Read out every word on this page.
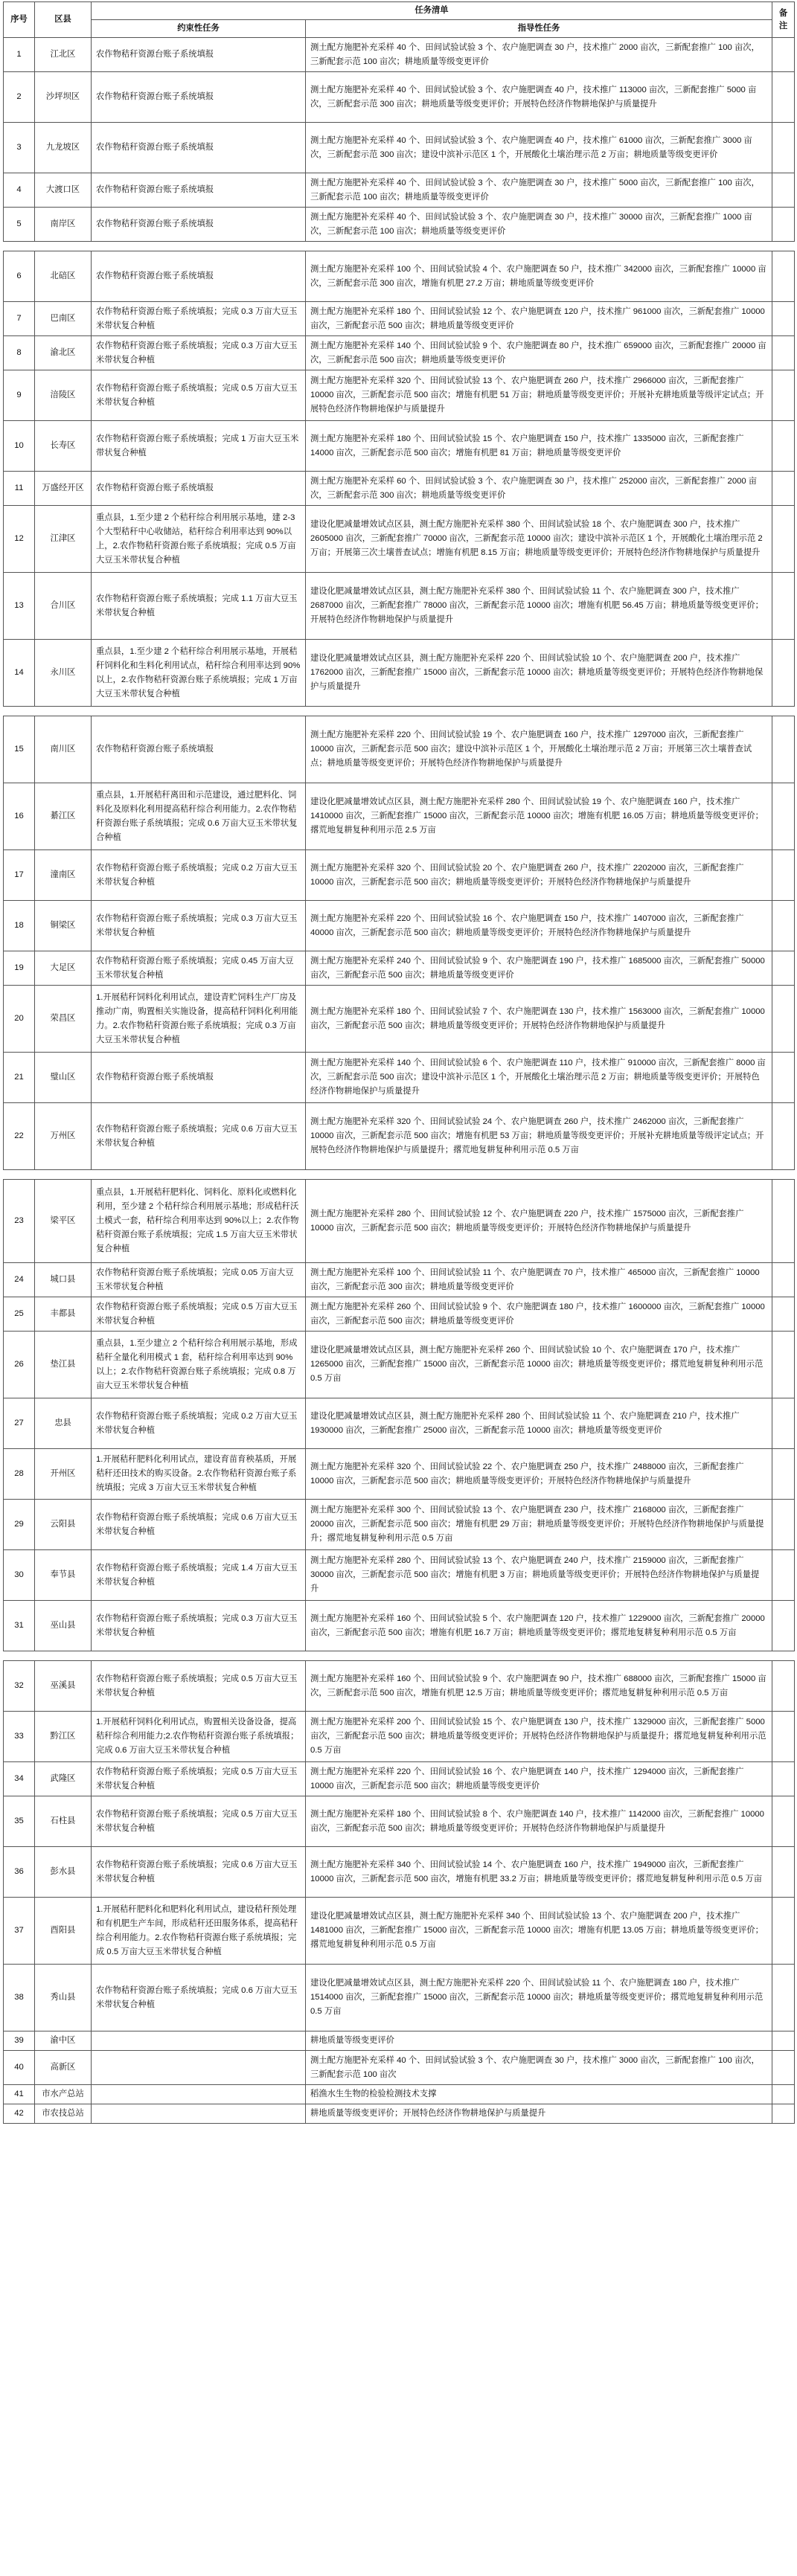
序号	区县	任务清单		备注
		约束性任务	指导性任务	
1	江北区	农作物秸秆资源台账子系统填报	测土配方施肥补充采样 40 个、田间试验试验 3 个、农户施肥调查 30 户，技术推广 2000 亩次，三新配套推广 100 亩次，三新配套示范 100 亩次；耕地质量等级变更评价	
2	沙坪坝区	农作物秸秆资源台账子系统填报	测土配方施肥补充采样 40 个、田间试验试验 3 个、农户施肥调查 40 户，技术推广 113000 亩次，三新配套推广 5000 亩次，三新配套示范 300 亩次；耕地质量等级变更评价；开展特色经济作物耕地保护与质量提升	
3	九龙坡区	农作物秸秆资源台账子系统填报	测土配方施肥补充采样 40 个、田间试验试验 3 个、农户施肥调查 40 户，技术推广 61000 亩次，三新配套推广 3000 亩次，三新配套示范 300 亩次；建设中滨补示范区 1 个，开展酸化土壤治理示范 2 万亩；耕地质量等级变更评价	
4	大渡口区	农作物秸秆资源台账子系统填报	测土配方施肥补充采样 40 个、田间试验试验 3 个、农户施肥调查 30 户，技术推广 5000 亩次，三新配套推广 100 亩次，三新配套示范 100 亩次；耕地质量等级变更评价	
5	南岸区	农作物秸秆资源台账子系统填报	测土配方施肥补充采样 40 个、田间试验试验 3 个、农户施肥调查 30 户，技术推广 30000 亩次，三新配套推广 1000 亩次，三新配套示范 100 亩次；耕地质量等级变更评价	

6	北碚区	农作物秸秆资源台账子系统填报	测土配方施肥补充采样 100 个、田间试验试验 4 个、农户施肥调查 50 户，技术推广 342000 亩次，三新配套推广 10000 亩次，三新配套示范 300 亩次，增施有机肥 27.2 万亩；耕地质量等级变更评价	
7	巴南区	农作物秸秆资源台账子系统填报；完成 0.3 万亩大豆玉米带状复合种植	测土配方施肥补充采样 180 个、田间试验试验 12 个、农户施肥调查 120 户，技术推广 961000 亩次，三新配套推广 10000 亩次，三新配套示范 500 亩次；耕地质量等级变更评价	
8	渝北区	农作物秸秆资源台账子系统填报；完成 0.3 万亩大豆玉米带状复合种植	测土配方施肥补充采样 140 个、田间试验试验 9 个、农户施肥调查 80 户，技术推广 659000 亩次，三新配套推广 20000 亩次，三新配套示范 500 亩次；耕地质量等级变更评价	
9	涪陵区	农作物秸秆资源台账子系统填报；完成 0.5 万亩大豆玉米带状复合种植	测土配方施肥补充采样 320 个、田间试验试验 13 个、农户施肥调查 260 户，技术推广 2966000 亩次，三新配套推广 10000 亩次，三新配套示范 500 亩次；增施有机肥 51 万亩；耕地质量等级变更评价；开展补充耕地质量等级评定试点；开展特色经济作物耕地保护与质量提升	
10	长寿区	农作物秸秆资源台账子系统填报；完成 1 万亩大豆玉米带状复合种植	测土配方施肥补充采样 180 个、田间试验试验 15 个、农户施肥调查 150 户，技术推广 1335000 亩次，三新配套推广 14000 亩次，三新配套示范 500 亩次；增施有机肥 81 万亩；耕地质量等级变更评价	
11	万盛经开区	农作物秸秆资源台账子系统填报	测土配方施肥补充采样 60 个、田间试验试验 3 个、农户施肥调查 30 户，技术推广 252000 亩次，三新配套推广 2000 亩次，三新配套示范 300 亩次；耕地质量等级变更评价	
12	江津区	重点县，1.至少建 2 个秸秆综合利用展示基地，建 2-3 个大型秸秆中心收储站，秸秆综合利用率达到 90%以上，2.农作物秸秆资源台账子系统填报；完成 0.5 万亩大豆玉米带状复合种植	建设化肥减量增效试点区县，测土配方施肥补充采样 380 个、田间试验试验 18 个、农户施肥调查 300 户，技术推广 2605000 亩次，三新配套推广 70000 亩次，三新配套示范 10000 亩次；建设中滨补示范区 1 个，开展酸化土壤治理示范 2 万亩；开展第三次土壤普查试点；增施有机肥 8.15 万亩；耕地质量等级变更评价；开展特色经济作物耕地保护与质量提升	
13	合川区	农作物秸秆资源台账子系统填报；完成 1.1 万亩大豆玉米带状复合种植	建设化肥减量增效试点区县，测土配方施肥补充采样 380 个、田间试验试验 11 个、农户施肥调查 300 户，技术推广 2687000 亩次，三新配套推广 78000 亩次，三新配套示范 10000 亩次；增施有机肥 56.45 万亩；耕地质量等级变更评价；开展特色经济作物耕地保护与质量提升	
14	永川区	重点县，1.至少建 2 个秸秆综合利用展示基地，开展秸秆饲料化和生料化利用试点，秸秆综合利用率达到 90%以上，2.农作物秸秆资源台账子系统填报；完成 1 万亩大豆玉米带状复合种植	建设化肥减量增效试点区县，测土配方施肥补充采样 220 个、田间试验试验 10 个、农户施肥调查 200 户，技术推广 1762000 亩次，三新配套推广 15000 亩次，三新配套示范 10000 亩次；耕地质量等级变更评价；开展特色经济作物耕地保护与质量提升	

15	南川区	农作物秸秆资源台账子系统填报	测土配方施肥补充采样 220 个、田间试验试验 19 个、农户施肥调查 160 户，技术推广 1297000 亩次，三新配套推广 10000 亩次，三新配套示范 500 亩次；建设中滨补示范区 1 个，开展酸化土壤治理示范 2 万亩；开展第三次土壤普查试点；耕地质量等级变更评价；开展特色经济作物耕地保护与质量提升	
16	綦江区	重点县，1.开展秸秆离田和示范建设，通过肥料化、饲料化及原料化利用提高秸秆综合利用能力。2.农作物秸秆资源台账子系统填报；完成 0.6 万亩大豆玉米带状复合种植	建设化肥减量增效试点区县，测土配方施肥补充采样 280 个、田间试验试验 19 个、农户施肥调查 160 户，技术推广 1410000 亩次，三新配套推广 15000 亩次，三新配套示范 10000 亩次；增施有机肥 16.05 万亩；耕地质量等级变更评价；撂荒地复耕复种利用示范 2.5 万亩	
17	潼南区	农作物秸秆资源台账子系统填报；完成 0.2 万亩大豆玉米带状复合种植	测土配方施肥补充采样 320 个、田间试验试验 20 个、农户施肥调查 260 户，技术推广 2202000 亩次，三新配套推广 10000 亩次，三新配套示范 500 亩次；耕地质量等级变更评价；开展特色经济作物耕地保护与质量提升	
18	铜梁区	农作物秸秆资源台账子系统填报；完成 0.3 万亩大豆玉米带状复合种植	测土配方施肥补充采样 220 个、田间试验试验 16 个、农户施肥调查 150 户，技术推广 1407000 亩次，三新配套推广 40000 亩次，三新配套示范 500 亩次；耕地质量等级变更评价；开展特色经济作物耕地保护与质量提升	
19	大足区	农作物秸秆资源台账子系统填报；完成 0.45 万亩大豆玉米带状复合种植	测土配方施肥补充采样 240 个、田间试验试验 9 个、农户施肥调查 190 户，技术推广 1685000 亩次，三新配套推广 50000 亩次，三新配套示范 500 亩次；耕地质量等级变更评价	
20	荣昌区	1.开展秸秆饲料化利用试点，建设青贮饲料生产厂房及推动广南，购置相关实施设备，提高秸秆饲料化利用能力。2.农作物秸秆资源台账子系统填报；完成 0.3 万亩大豆玉米带状复合种植	测土配方施肥补充采样 180 个、田间试验试验 7 个、农户施肥调查 130 户，技术推广 1563000 亩次，三新配套推广 10000 亩次，三新配套示范 500 亩次；耕地质量等级变更评价；开展特色经济作物耕地保护与质量提升	
21	璧山区	农作物秸秆资源台账子系统填报	测土配方施肥补充采样 140 个、田间试验试验 6 个、农户施肥调查 110 户，技术推广 910000 亩次，三新配套推广 8000 亩次，三新配套示范 500 亩次；建设中滨补示范区 1 个，开展酸化土壤治理示范 2 万亩；耕地质量等级变更评价；开展特色经济作物耕地保护与质量提升	
22	万州区	农作物秸秆资源台账子系统填报；完成 0.6 万亩大豆玉米带状复合种植	测土配方施肥补充采样 320 个、田间试验试验 24 个、农户施肥调查 260 户，技术推广 2462000 亩次，三新配套推广 10000 亩次，三新配套示范 500 亩次；增施有机肥 53 万亩；耕地质量等级变更评价；开展补充耕地质量等级评定试点；开展特色经济作物耕地保护与质量提升；撂荒地复耕复种利用示范 0.5 万亩	

23	梁平区	重点县，1.开展秸秆肥料化、饲料化、原料化或燃料化利用，至少建 2 个秸秆综合利用展示基地；形成秸秆沃土模式一套，秸秆综合利用率达到 90%以上；2.农作物秸秆资源台账子系统填报；完成 1.5 万亩大豆玉米带状复合种植	测土配方施肥补充采样 280 个、田间试验试验 12 个、农户施肥调查 220 户，技术推广 1575000 亩次，三新配套推广 10000 亩次，三新配套示范 500 亩次；耕地质量等级变更评价；开展特色经济作物耕地保护与质量提升	
24	城口县	农作物秸秆资源台账子系统填报；完成 0.05 万亩大豆玉米带状复合种植	测土配方施肥补充采样 100 个、田间试验试验 11 个、农户施肥调查 70 户，技术推广 465000 亩次，三新配套推广 10000 亩次，三新配套示范 300 亩次；耕地质量等级变更评价	
25	丰都县	农作物秸秆资源台账子系统填报；完成 0.5 万亩大豆玉米带状复合种植	测土配方施肥补充采样 260 个、田间试验试验 9 个、农户施肥调查 180 户，技术推广 1600000 亩次，三新配套推广 10000 亩次，三新配套示范 500 亩次；耕地质量等级变更评价	
26	垫江县	重点县，1.至少建立 2 个秸秆综合利用展示基地，形成秸秆全量化利用模式 1 套，秸秆综合利用率达到 90%以上；2.农作物秸秆资源台账子系统填报；完成 0.8 万亩大豆玉米带状复合种植	建设化肥减量增效试点区县，测土配方施肥补充采样 260 个、田间试验试验 10 个、农户施肥调查 170 户，技术推广 1265000 亩次，三新配套推广 15000 亩次，三新配套示范 10000 亩次；耕地质量等级变更评价；撂荒地复耕复种利用示范 0.5 万亩	
27	忠县	农作物秸秆资源台账子系统填报；完成 0.2 万亩大豆玉米带状复合种植	建设化肥减量增效试点区县，测土配方施肥补充采样 280 个、田间试验试验 11 个、农户施肥调查 210 户，技术推广 1930000 亩次，三新配套推广 25000 亩次，三新配套示范 10000 亩次；耕地质量等级变更评价	
28	开州区	1.开展秸秆肥料化利用试点，建设育苗育秧基质，开展秸秆还田技术的购买设备。2.农作物秸秆资源台账子系统填报；完成 3 万亩大豆玉米带状复合种植	测土配方施肥补充采样 320 个、田间试验试验 22 个、农户施肥调查 250 户，技术推广 2488000 亩次，三新配套推广 10000 亩次，三新配套示范 500 亩次；耕地质量等级变更评价；开展特色经济作物耕地保护与质量提升	
29	云阳县	农作物秸秆资源台账子系统填报；完成 0.6 万亩大豆玉米带状复合种植	测土配方施肥补充采样 300 个、田间试验试验 13 个、农户施肥调查 230 户，技术推广 2168000 亩次，三新配套推广 20000 亩次，三新配套示范 500 亩次；增施有机肥 29 万亩；耕地质量等级变更评价；开展特色经济作物耕地保护与质量提升；撂荒地复耕复种利用示范 0.5 万亩	
30	奉节县	农作物秸秆资源台账子系统填报；完成 1.4 万亩大豆玉米带状复合种植	测土配方施肥补充采样 280 个、田间试验试验 13 个、农户施肥调查 240 户，技术推广 2159000 亩次，三新配套推广 30000 亩次，三新配套示范 500 亩次；增施有机肥 3 万亩；耕地质量等级变更评价；开展特色经济作物耕地保护与质量提升	
31	巫山县	农作物秸秆资源台账子系统填报；完成 0.3 万亩大豆玉米带状复合种植	测土配方施肥补充采样 160 个、田间试验试验 5 个、农户施肥调查 120 户，技术推广 1229000 亩次，三新配套推广 20000 亩次，三新配套示范 500 亩次；增施有机肥 16.7 万亩；耕地质量等级变更评价；撂荒地复耕复种利用示范 0.5 万亩	

32	巫溪县	农作物秸秆资源台账子系统填报；完成 0.5 万亩大豆玉米带状复合种植	测土配方施肥补充采样 160 个、田间试验试验 9 个、农户施肥调查 90 户，技术推广 688000 亩次，三新配套推广 15000 亩次，三新配套示范 500 亩次，增施有机肥 12.5 万亩；耕地质量等级变更评价；撂荒地复耕复种利用示范 0.5 万亩	
33	黔江区	1.开展秸秆饲料化利用试点，购置相关设备设备，提高秸秆综合利用能力;2.农作物秸秆资源台账子系统填报；完成 0.6 万亩大豆玉米带状复合种植	测土配方施肥补充采样 200 个、田间试验试验 15 个、农户施肥调查 130 户，技术推广 1329000 亩次，三新配套推广 5000 亩次，三新配套示范 500 亩次；耕地质量等级变更评价；开展特色经济作物耕地保护与质量提升；撂荒地复耕复种利用示范 0.5 万亩	
34	武隆区	农作物秸秆资源台账子系统填报；完成 0.5 万亩大豆玉米带状复合种植	测土配方施肥补充采样 220 个、田间试验试验 16 个、农户施肥调查 140 户，技术推广 1294000 亩次，三新配套推广 10000 亩次，三新配套示范 500 亩次；耕地质量等级变更评价	
35	石柱县	农作物秸秆资源台账子系统填报；完成 0.5 万亩大豆玉米带状复合种植	测土配方施肥补充采样 180 个、田间试验试验 8 个、农户施肥调查 140 户，技术推广 1142000 亩次，三新配套推广 10000 亩次，三新配套示范 500 亩次；耕地质量等级变更评价；开展特色经济作物耕地保护与质量提升	
36	彭水县	农作物秸秆资源台账子系统填报；完成 0.6 万亩大豆玉米带状复合种植	测土配方施肥补充采样 340 个、田间试验试验 14 个、农户施肥调查 160 户，技术推广 1949000 亩次，三新配套推广 10000 亩次，三新配套示范 500 亩次，增施有机肥 33.2 万亩；耕地质量等级变更评价；撂荒地复耕复种利用示范 0.5 万亩	
37	酉阳县	1.开展秸秆肥料化和肥料化利用试点，建设秸秆预处理和有机肥生产车间，形成秸秆还田服务体系，提高秸秆综合利用能力。2.农作物秸秆资源台账子系统填报；完成 0.5 万亩大豆玉米带状复合种植	建设化肥减量增效试点区县，测土配方施肥补充采样 340 个、田间试验试验 13 个、农户施肥调查 200 户，技术推广 1481000 亩次，三新配套推广 15000 亩次，三新配套示范 10000 亩次；增施有机肥 13.05 万亩；耕地质量等级变更评价；撂荒地复耕复种利用示范 0.5 万亩	
38	秀山县	农作物秸秆资源台账子系统填报；完成 0.6 万亩大豆玉米带状复合种植	建设化肥减量增效试点区县，测土配方施肥补充采样 220 个、田间试验试验 11 个、农户施肥调查 180 户，技术推广 1514000 亩次，三新配套推广 15000 亩次，三新配套示范 10000 亩次；耕地质量等级变更评价；撂荒地复耕复种利用示范 0.5 万亩	
39	渝中区		耕地质量等级变更评价	
40	高新区		测土配方施肥补充采样 40 个、田间试验试验 3 个、农户施肥调查 30 户，技术推广 3000 亩次，三新配套推广 100 亩次，三新配套示范 100 亩次	
41	市水产总站		稻渔水生生物的检验检测技术支撑	
42	市农技总站		耕地质量等级变更评价；开展特色经济作物耕地保护与质量提升	
